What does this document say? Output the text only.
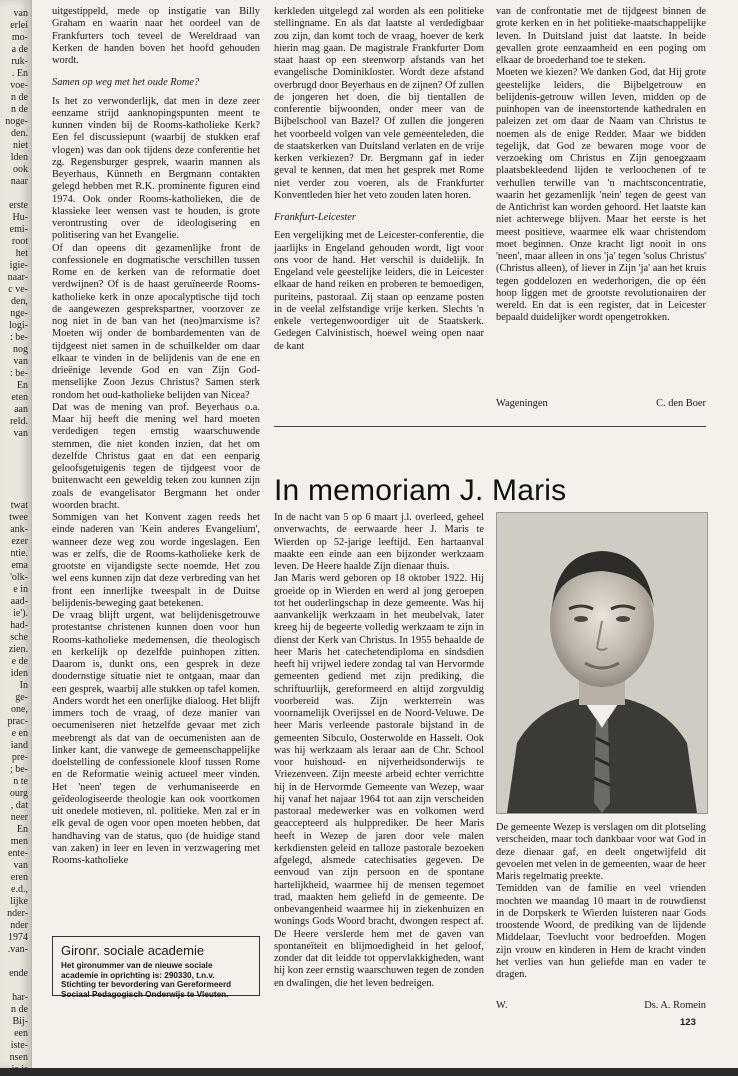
van
erlei
mo-
a de
ruk-
. En
voe-
n de
n de
noge-
den.
niet
lden
ook
naar
erste
Hu-
emi-
root
het
igie-
naar-
c ve-
den,
nge-
logi-
: be-
nog
van
: be-
En
eten
aan
reld.
van
twat
twee
ank-
ezer
ntie.
ema
'olk-
e in
aad-
ie').
had-
sche
zien.
e de
iden
In
ge-
one,
prac-
e en
iand
pre-
; be-
n te
ourg
, dat
neer
En
men
ente-
van
eren
e.d.,
lijke
nder-
nder
1974
.van-
ende
har-
n de
Bij-
een
iste-
nsen
ie is

uitgestippeld, mede op instigatie van Billy Graham en waarin naar het oordeel van de Frankfurters toch teveel de Wereldraad van Kerken de handen boven het hoofd gehouden wordt.

Samen op weg met het oude Rome?

Is het zo verwonderlijk, dat men in deze zeer eenzame strijd aanknopingspunten meent te kunnen vinden bij de Rooms-katholieke Kerk? Een fel discussiepunt (waarbij de stukken eraf vlogen) was dan ook tijdens deze conferentie het zg. Regensburger gesprek, waarin mannen als Beyerhaus, Künneth en Bergmann contakten gelegd hebben met R.K. prominente figuren eind 1974. Ook onder Rooms-katholieken, die de klassieke leer wensen vast te houden, is grote verontrusting over de ideologisering en politisering van het Evangelie.

Of dan opeens dit gezamenlijke front de confessionele en dogmatische verschillen tussen Rome en de kerken van de reformatie doet verdwijnen? Of is de haast geruïneerde Rooms-katholieke kerk in onze apocalyptische tijd toch de aangewezen gesprekspartner, voorzover ze nog niet in de ban van het (neo)marxisme is? Moeten wij onder de bombardementen van de tijdgeest niet samen in de schuilkelder om daar elkaar te vinden in de belijdenis van de ene en drieënige levende God en van Zijn God-menselijke Zoon Jezus Christus? Samen sterk rondom het oud-katholieke belijden van Nicea?

Dat was de mening van prof. Beyerhaus o.a. Maar hij heeft die mening wel hard moeten verdedigen tegen ernstig waarschuwende stemmen, die niet konden inzien, dat het om dezelfde Christus gaat en dat een eenparig geloofsgetuigenis tegen de tijdgeest voor de buitenwacht een geweldig teken zou kunnen zijn zoals de evangelisator Bergmann het onder woorden bracht.

Sommigen van het Konvent zagen reeds het einde naderen van 'Kein anderes Evangelium', wanneer deze weg zou worde ingeslagen. Een was er zelfs, die de Rooms-katholieke kerk de grootste en vijandigste secte noemde. Het zou wel eens kunnen zijn dat deze verbreding van het front een innerlijke tweespalt in de Duitse belijdenis-beweging gaat betekenen.

De vraag blijft urgent, wat belijdenisgetrouwe protestantse christenen kunnen doen voor hun Rooms-katholieke medemensen, die theologisch en kerkelijk op dezelfde puinhopen zitten. Daarom is, dunkt ons, een gesprek in deze doodernstige situatie niet te ontgaan, maar dan een gesprek, waarbij alle stukken op tafel komen. Anders wordt het een onerlijke dialoog. Het blijft immers toch de vraag, of deze manier van oecumeniseren niet hetzelfde gevaar met zich meebrengt als dat van de oecumenisten aan de linker kant, die vanwege de gemeenschappelijke doelstelling de confessionele kloof tussen Rome en de Reformatie weinig actueel meer vinden. Het 'neen' tegen de verhumaniseerde en geïdeologiseerde theologie kan ook voortkomen uit onedele motieven, nl. politieke. Men zal er in elk geval de ogen voor open moeten hebben, dat handhaving van de status, quo (de huidige stand van zaken) in leer en leven in verzwagering met Rooms-katholieke

kerkleden uitgelegd zal worden als een politieke stellingname. En als dat laatste al verdedigbaar zou zijn, dan komt toch de vraag, hoever de kerk hierin mag gaan. De magistrale Frankfurter Dom staat haast op een steenworp afstands van het evangelische Dominikloster. Wordt deze afstand overbrugd door Beyerhaus en de zijnen? Of zullen de jongeren het doen, die bij tientallen de conferentie bijwoonden, onder meer van de Bijbelschool van Bazel? Of zullen die jongeren het voorbeeld volgen van vele gemeenteleden, die de staatskerken van Duitsland verlaten en de vrije kerken verkiezen? Dr. Bergmann gaf in ieder geval te kennen, dat men het gesprek met Rome niet verder zou voeren, als de Frankfurter Konventleden hier het veto zouden laten horen.

Frankfurt-Leicester

Een vergelijking met de Leicester-conferentie, die jaarlijks in Engeland gehouden wordt, ligt voor ons voor de hand. Het verschil is duidelijk. In Engeland vele geestelijke leiders, die in Leicester elkaar de hand reiken en proberen te bemoedigen, puriteins, pastoraal. Zij staan op eenzame posten in de veelal zelfstandige vrije kerken. Slechts 'n enkele vertegenwoordiger uit de Staatskerk. Gedegen Calvinistisch, hoewel weing open naar de kant

van de confrontatie met de tijdgeest binnen de grote kerken en in het politieke-maatschappelijke leven. In Duitsland juist dat laatste. In beide gevallen grote eenzaamheid en een poging om elkaar de broederhand toe te steken.

Moeten we kiezen? We danken God, dat Hij grote geestelijke leiders, die Bijbelgetrouw en belijdenis-getrouw willen leven, midden op de puinhopen van de ineenstortende kathedralen en paleizen zet om daar de Naam van Christus te noemen als de enige Redder. Maar we bidden tegelijk, dat God ze bewaren moge voor de verzoeking om Christus en Zijn genoegzaam plaatsbekleedend lijden te verloochenen of te verhullen terwille van 'n machtsconcentratie, waarin het gezamenlijk 'nein' tegen de geest van de Antichrist kan worden gehoord. Het laatste kan niet achterwege blijven. Maar het eerste is het meest positieve, waarmee elk waar christendom moet beginnen. Onze kracht ligt nooit in ons 'neen', maar alleen in ons 'ja' tegen 'solus Christus' (Christus alleen), of liever in Zijn 'ja' aan het kruis tegen goddelozen en wederhorigen, die op één hoop liggen met de grootste revolutionairen der wereld. En dat is een register, dat in Leicester bepaald duidelijker wordt opengetrokken.

Wageningen	C. den Boer
In memoriam J. Maris

In de nacht van 5 op 6 maart j.l. overleed, geheel onverwachts, de eerwaarde heer J. Maris te Wierden op 52-jarige leeftijd. Een hartaanval maakte een einde aan een bijzonder werkzaam leven. De Heere haalde Zijn dienaar thuis.

Jan Maris werd geboren op 18 oktober 1922. Hij groeide op in Wierden en werd al jong geroepen tot het ouderlingschap in deze gemeente. Was hij aanvankelijk werkzaam in het meubelvak, later kreeg hij de begeerte volledig werkzaam te zijn in dienst der Kerk van Christus. In 1955 behaalde de heer Maris het catechetendiploma en sindsdien heeft hij vrijwel iedere zondag tal van Hervormde gemeenten gediend met zijn prediking, die schriftuurlijk, gereformeerd en altijd zorgvuldig voorbereid was. Zijn werkterrein was voornamelijk Overijssel en de Noord-Veluwe. De heer Maris verleende pastorale bijstand in de gemeenten Sibculo, Oosterwolde en Hasselt. Ook was hij werkzaam als leraar aan de Chr. School voor huishoud- en nijverheidsonderwijs te Vriezenveen. Zijn meeste arbeid echter verrichtte hij in de Hervormde Gemeente van Wezep, waar hij vanaf het najaar 1964 tot aan zijn verscheiden pastoraal medewerker was en volkomen werd geaccepteerd als hulpprediker. De heer Maris heeft in Wezep de jaren door vele malen kerkdiensten geleid en talloze pastorale bezoeken afgelegd, alsmede catechisaties gegeven. De eenvoud van zijn persoon en de spontane hartelijkheid, waarmee hij de mensen tegemoet trad, maakten hem geliefd in de gemeente. De onbevangenheid waarmee hij in ziekenhuizen en wonings Gods Woord bracht, dwongen respect af. De Heere verslerde hem met de gaven van spontaneïteit en blijmoedigheid in het geloof, zonder dat dit leidde tot oppervlakkigheden, want hij kon zeer ernstig waarschuwen tegen de zonden en dwalingen, die het leven bedreigen.

De gemeente Wezep is verslagen om dit plotseling verscheiden, maar toch dankbaar voor wat God in deze dienaar gaf, en deelt ongetwijfeld dit gevoelen met velen in de gemeenten, waar de heer Maris regelmatig preekte.

Temidden van de familie en veel vrienden mochten we maandag 10 maart in de rouwdienst in de Dorpskerk te Wierden luisteren naar Gods troostende Woord, de prediking van de lijdende Middelaar, Toevlucht voor bedroefden. Mogen zijn vrouw en kinderen in Hem de kracht vinden het verlies van hun geliefde man en vader te dragen.

W.	Ds. A. Romein
Gironr. sociale academie
Het gironummer van de nieuwe sociale academie in oprichting is: 290330, t.n.v. Stichting ter bevordering van Gereformeerd Sociaal Pedagogisch Onderwijs te Vleuten.
123
